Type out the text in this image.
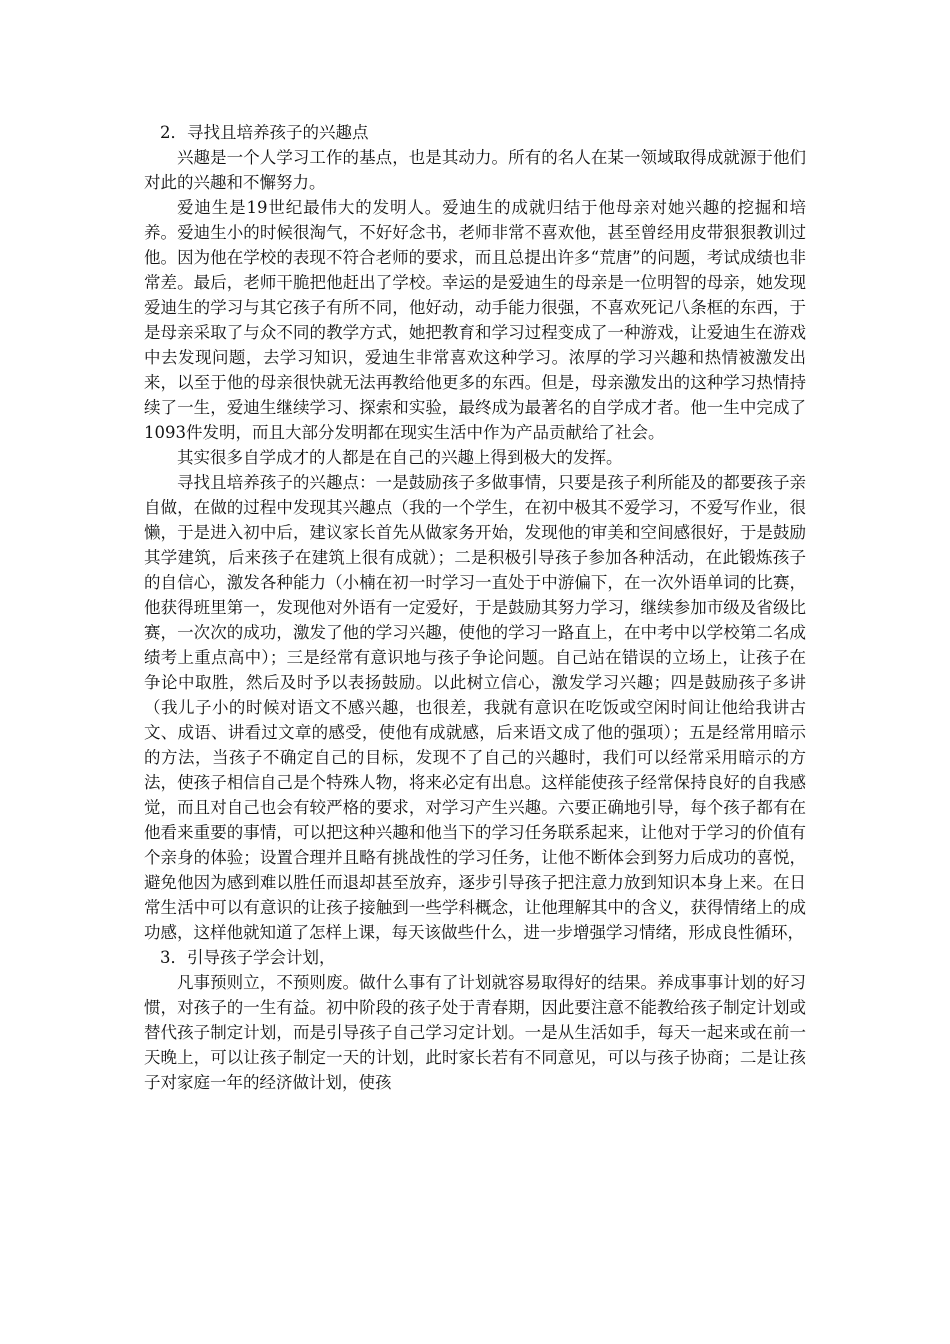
2．寻找且培养孩子的兴趣点

兴趣是一个人学习工作的基点，也是其动力。所有的名人在某一领域取得成就源于他们对此的兴趣和不懈努力。

爱迪生是19世纪最伟大的发明人。爱迪生的成就归结于他母亲对她兴趣的挖掘和培养。爱迪生小的时候很淘气，不好好念书，老师非常不喜欢他，甚至曾经用皮带狠狠教训过他。因为他在学校的表现不符合老师的要求，而且总提出许多“荒唐”的问题，考试成绩也非常差。最后，老师干脆把他赶出了学校。幸运的是爱迪生的母亲是一位明智的母亲，她发现爱迪生的学习与其它孩子有所不同，他好动，动手能力很强，不喜欢死记八条框的东西，于是母亲采取了与众不同的教学方式，她把教育和学习过程变成了一种游戏，让爱迪生在游戏中去发现问题，去学习知识，爱迪生非常喜欢这种学习。浓厚的学习兴趣和热情被激发出来，以至于他的母亲很快就无法再教给他更多的东西。但是，母亲激发出的这种学习热情持续了一生，爱迪生继续学习、探索和实验，最终成为最著名的自学成才者。他一生中完成了1093件发明，而且大部分发明都在现实生活中作为产品贡献给了社会。

其实很多自学成才的人都是在自己的兴趣上得到极大的发挥。

寻找且培养孩子的兴趣点：一是鼓励孩子多做事情，只要是孩子利所能及的都要孩子亲自做，在做的过程中发现其兴趣点（我的一个学生，在初中极其不爱学习，不爱写作业，很懒，于是进入初中后，建议家长首先从做家务开始，发现他的审美和空间感很好，于是鼓励其学建筑，后来孩子在建筑上很有成就）；二是积极引导孩子参加各种活动，在此锻炼孩子的自信心，激发各种能力（小楠在初一时学习一直处于中游偏下，在一次外语单词的比赛，他获得班里第一，发现他对外语有一定爱好，于是鼓励其努力学习，继续参加市级及省级比赛，一次次的成功，激发了他的学习兴趣，使他的学习一路直上，在中考中以学校第二名成绩考上重点高中）；三是经常有意识地与孩子争论问题。自己站在错误的立场上，让孩子在争论中取胜，然后及时予以表扬鼓励。以此树立信心，激发学习兴趣；四是鼓励孩子多讲（我儿子小的时候对语文不感兴趣，也很差，我就有意识在吃饭或空闲时间让他给我讲古文、成语、讲看过文章的感受，使他有成就感，后来语文成了他的强项）；五是经常用暗示的方法，当孩子不确定自己的目标，发现不了自己的兴趣时，我们可以经常采用暗示的方法，使孩子相信自己是个特殊人物，将来必定有出息。这样能使孩子经常保持良好的自我感觉，而且对自己也会有较严格的要求，对学习产生兴趣。六要正确地引导，每个孩子都有在他看来重要的事情，可以把这种兴趣和他当下的学习任务联系起来，让他对于学习的价值有个亲身的体验；设置合理并且略有挑战性的学习任务，让他不断体会到努力后成功的喜悦，避免他因为感到难以胜任而退却甚至放弃，逐步引导孩子把注意力放到知识本身上来。在日常生活中可以有意识的让孩子接触到一些学科概念，让他理解其中的含义，获得情绪上的成功感，这样他就知道了怎样上课，每天该做些什么，进一步增强学习情绪，形成良性循环，

3．引导孩子学会计划，

凡事预则立，不预则废。做什么事有了计划就容易取得好的结果。养成事事计划的好习惯，对孩子的一生有益。初中阶段的孩子处于青春期，因此要注意不能教给孩子制定计划或替代孩子制定计划，而是引导孩子自己学习定计划。一是从生活如手，每天一起来或在前一天晚上，可以让孩子制定一天的计划，此时家长若有不同意见，可以与孩子协商；二是让孩子对家庭一年的经济做计划，使孩
